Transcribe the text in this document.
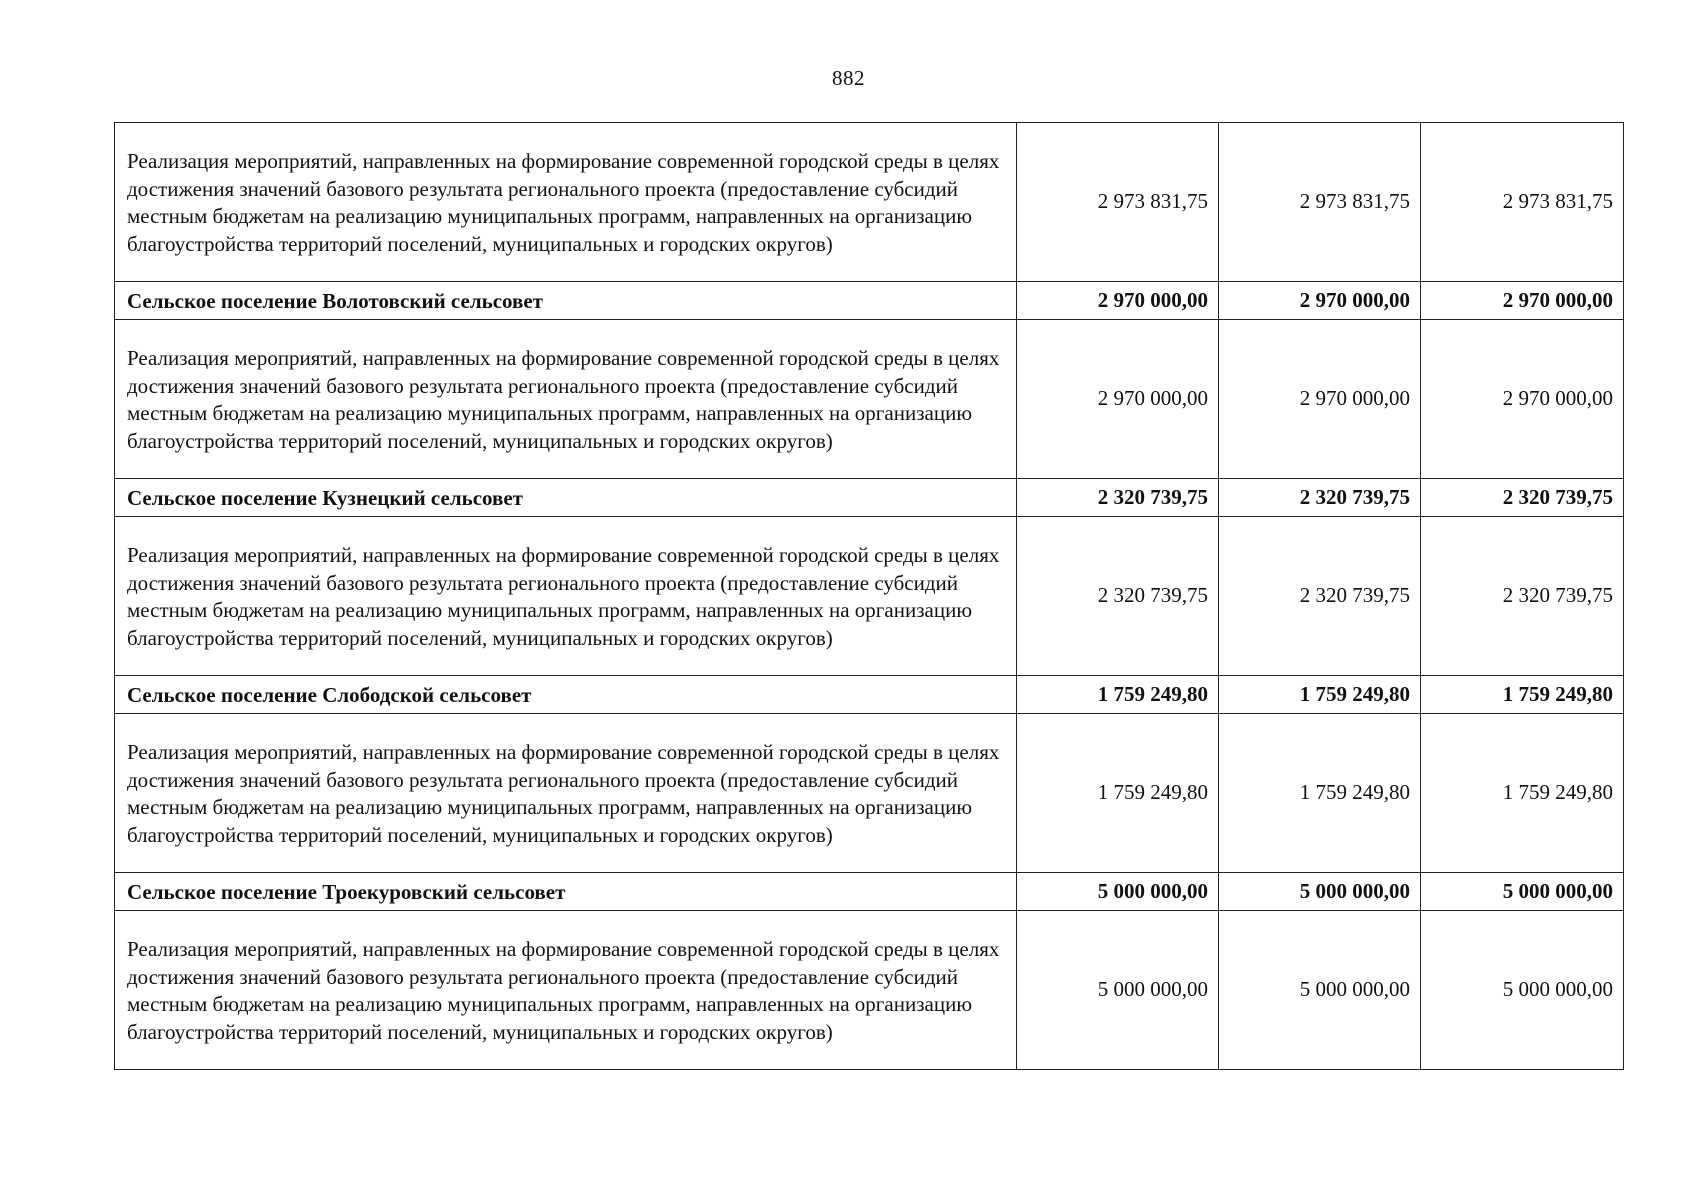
882
Реализация мероприятий, направленных на формирование современной городской среды в целях достижения значений базового результата регионального проекта (предоставление субсидий местным бюджетам на реализацию муниципальных программ, направленных на организацию благоустройства территорий поселений, муниципальных и городских округов)	2 973 831,75	2 973 831,75	2 973 831,75
Сельское поселение Волотовский сельсовет	2 970 000,00	2 970 000,00	2 970 000,00
Реализация мероприятий, направленных на формирование современной городской среды в целях достижения значений базового результата регионального проекта (предоставление субсидий местным бюджетам на реализацию муниципальных программ, направленных на организацию благоустройства территорий поселений, муниципальных и городских округов)	2 970 000,00	2 970 000,00	2 970 000,00
Сельское поселение Кузнецкий сельсовет	2 320 739,75	2 320 739,75	2 320 739,75
Реализация мероприятий, направленных на формирование современной городской среды в целях достижения значений базового результата регионального проекта (предоставление субсидий местным бюджетам на реализацию муниципальных программ, направленных на организацию благоустройства территорий поселений, муниципальных и городских округов)	2 320 739,75	2 320 739,75	2 320 739,75
Сельское поселение Слободской сельсовет	1 759 249,80	1 759 249,80	1 759 249,80
Реализация мероприятий, направленных на формирование современной городской среды в целях достижения значений базового результата регионального проекта (предоставление субсидий местным бюджетам на реализацию муниципальных программ, направленных на организацию благоустройства территорий поселений, муниципальных и городских округов)	1 759 249,80	1 759 249,80	1 759 249,80
Сельское поселение Троекуровский сельсовет	5 000 000,00	5 000 000,00	5 000 000,00
Реализация мероприятий, направленных на формирование современной городской среды в целях достижения значений базового результата регионального проекта (предоставление субсидий местным бюджетам на реализацию муниципальных программ, направленных на организацию благоустройства территорий поселений, муниципальных и городских округов)	5 000 000,00	5 000 000,00	5 000 000,00
